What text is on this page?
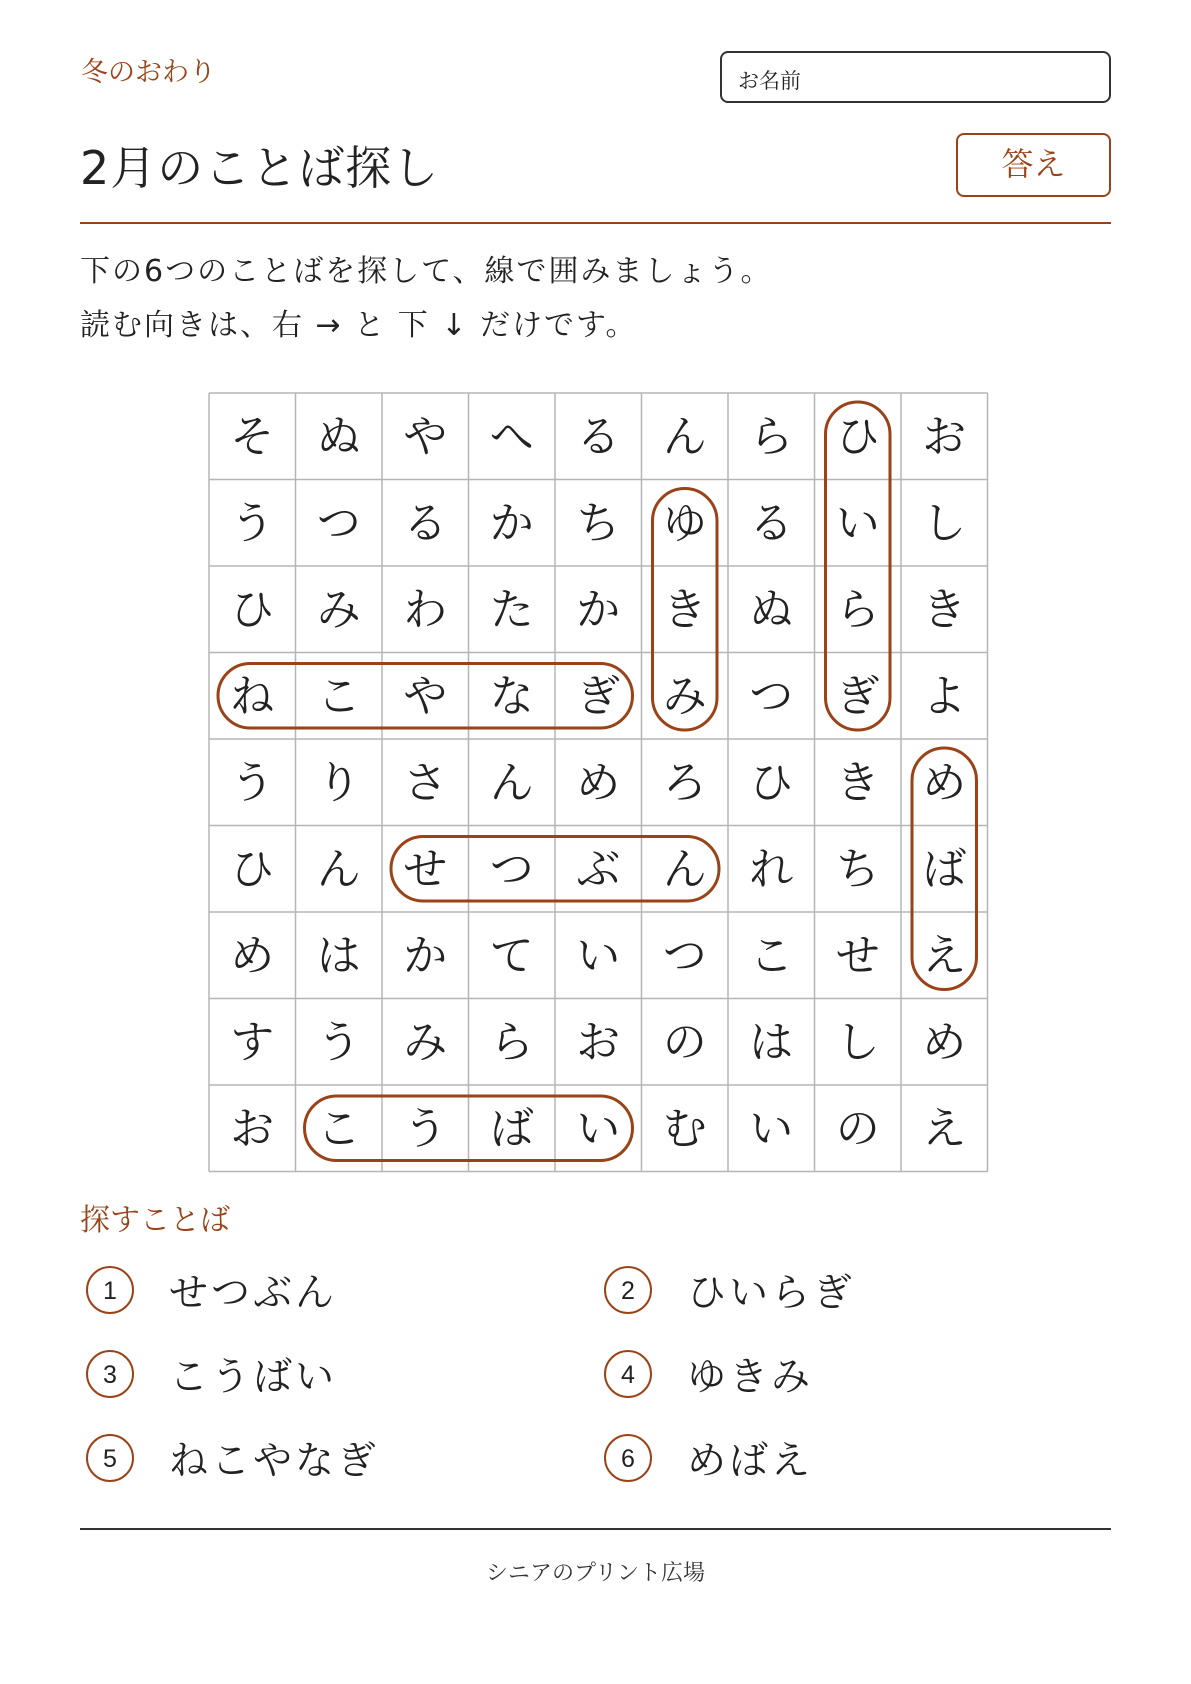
冬のおわり	お名前
2月のことば探し	答え
下の6つのことばを探して、線で囲みましょう。
読む向きは、右 → と 下 ↓ だけです。
そ ぬ や へ る ん ら ひ お
う つ る か ち ゆ る い し
ひ み わ た か き ぬ ら き
ね こ や な ぎ み つ ぎ よ
う り さ ん め ろ ひ き め
ひ ん せ つ ぶ ん れ ち ば
め は か て い つ こ せ え
す う み ら お の は し め
お こ う ば い む い の え
探すことば
1	せつぶん	2	ひいらぎ
3	こうばい	4	ゆきみ
5	ねこやなぎ	6	めばえ
シニアのプリント広場
